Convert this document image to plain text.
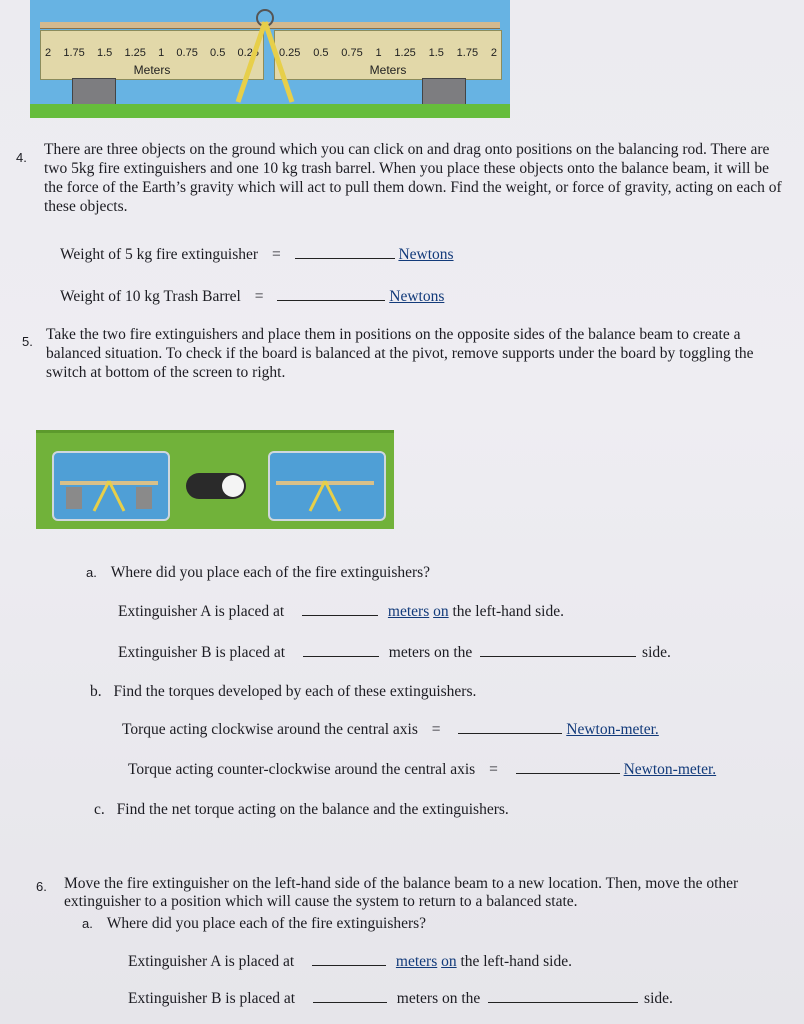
2 1.75 1.5 1.25 1 0.75 0.5 0.25
Meters
0.25 0.5 0.75 1 1.25 1.5 1.75 2
Meters
4. There are three objects on the ground which you can click on and drag onto positions on the balancing rod. There are two 5kg fire extinguishers and one 10 kg trash barrel. When you place these objects onto the balance beam, it will be the force of the Earth’s gravity which will act to pull them down. Find the weight, or force of gravity, acting on each of these objects.
Weight of 5 kg fire extinguisher =	Newtons
Weight of 10 kg Trash Barrel =	Newtons
5. Take the two fire extinguishers and place them in positions on the opposite sides of the balance beam to create a balanced situation. To check if the board is balanced at the pivot, remove supports under the board by toggling the switch at bottom of the screen to right.
a. Where did you place each of the fire extinguishers?
Extinguisher A is placed at	meters on the left-hand side.
Extinguisher B is placed at	meters on the	side.
b. Find the torques developed by each of these extinguishers.
Torque acting clockwise around the central axis =	Newton-meter.
Torque acting counter-clockwise around the central axis =	Newton-meter.
c. Find the net torque acting on the balance and the extinguishers.
6. Move the fire extinguisher on the left-hand side of the balance beam to a new location. Then, move the other extinguisher to a position which will cause the system to return to a balanced state.
a. Where did you place each of the fire extinguishers?
Extinguisher A is placed at	meters on the left-hand side.
Extinguisher B is placed at	meters on the	side.
